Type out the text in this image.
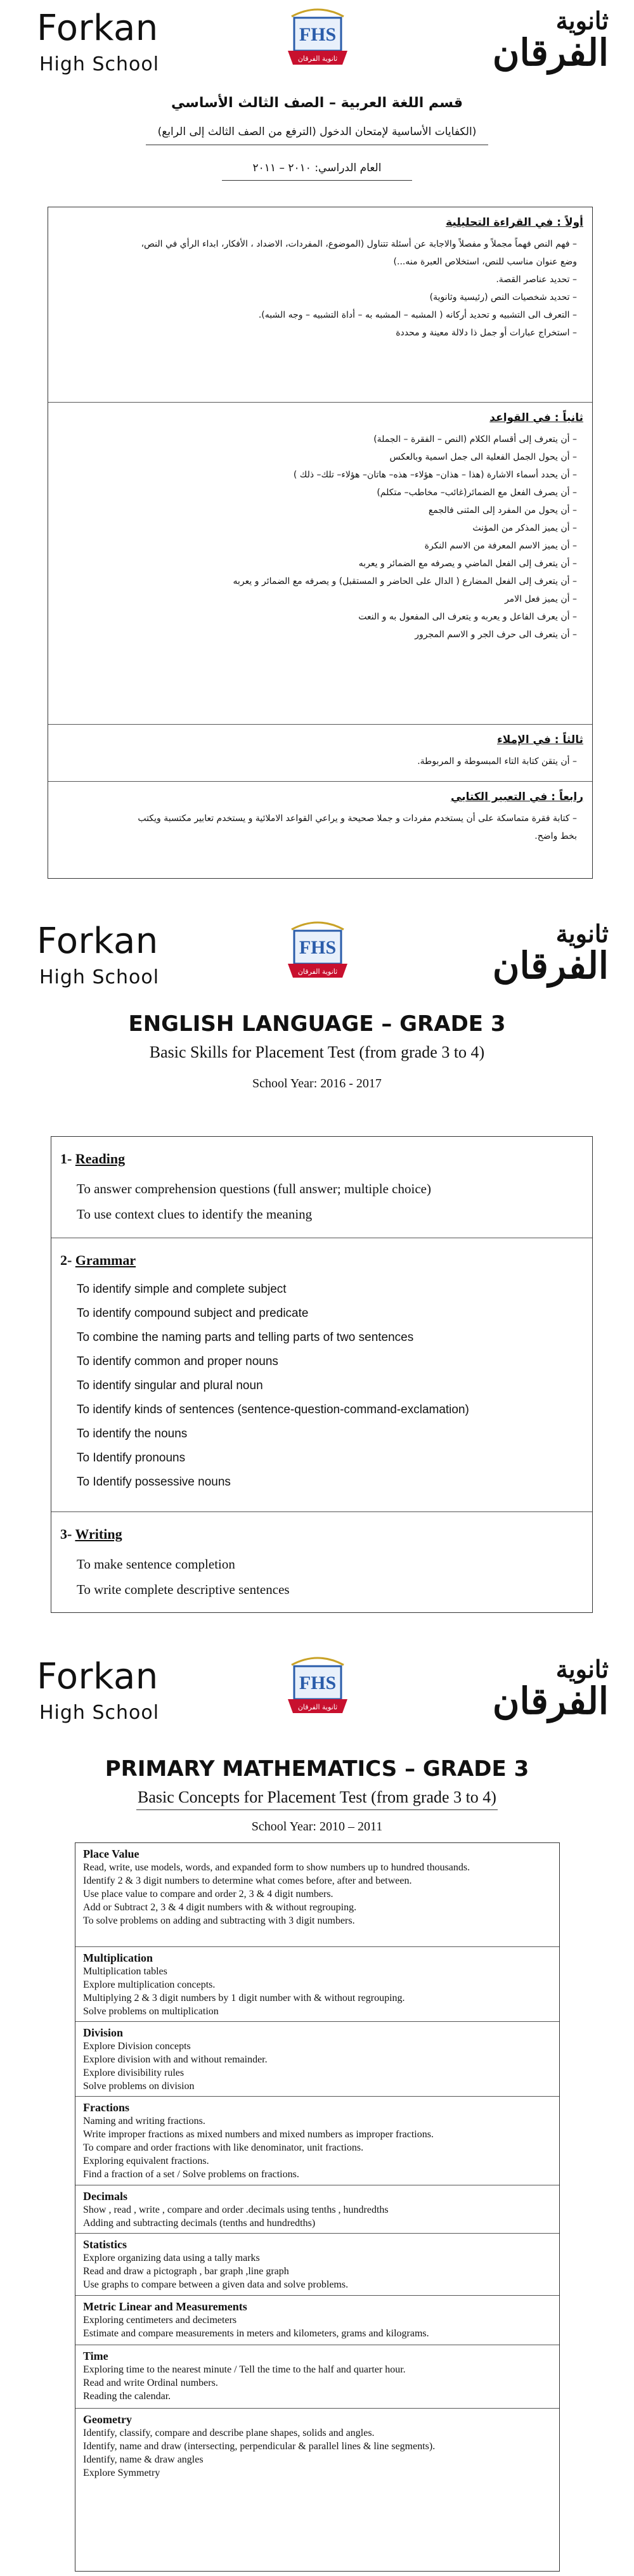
Forkan
High School
FHS
ثانوية الفرقان
ثانوية
الفرقان
قسم اللغة العربية – الصف الثالث الأساسي
(الكفايات الأساسية لإمتحان الدخول (الترفع من الصف الثالث إلى الرابع)
العام الدراسي: ٢٠١٠ – ٢٠١١
أولاً : في القراءة التحليلية
– فهم النص فهماً مجملاً و مفصلاً والاجابة عن أسئلة تتناول (الموضوع، المفردات، الاضداد ، الأفكار، ابداء الرأي في النص،
وضع عنوان مناسب للنص، استخلاص العبرة منه...)
– تحديد عناصر القصة.
– تحديد شخصيات النص (رئيسية وثانوية)
– التعرف الى التشبيه و تحديد أركانه ( المشبه – المشبه به – أداة التشبيه – وجه الشبه).
– استخراج عبارات أو جمل ذا دلالة معينة و محددة
ثانياً : في القواعد
– أن يتعرف إلى أقسام الكلام (النص – الفقرة – الجملة)
– أن يحول الجمل الفعلية الى جمل اسمية وبالعكس
– أن يحدد أسماء الاشارة (هذا – هذان– هؤلاء– هذه– هاتان– هؤلاء– تلك– ذلك )
– أن يصرف الفعل مع الضمائر(غائب– مخاطب– متكلم)
– أن يحول من المفرد إلى المثنى فالجمع
– أن يميز المذكر من المؤنث
– أن يميز الاسم المعرفة من الاسم النكرة
– أن يتعرف إلى الفعل الماضي و يصرفه مع الضمائر و يعربه
– أن يتعرف إلى الفعل المضارع ( الدال على الحاضر و المستقبل) و يصرفه مع الضمائر و يعربه
– أن يميز فعل الامر
– أن يعرف الفاعل و يعربه و يتعرف الى المفعول به و النعت
– أن يتعرف الى حرف الجر و الاسم المجرور
ثالثاً : في الإملاء
– أن يتقن كتابة التاء المبسوطة و المربوطة.
رابعاً : في التعبير الكتابي
– كتابة فقرة متماسكة على أن يستخدم مفردات و جملا صحيحة و يراعي القواعد الاملائية و يستخدم تعابير مكتسبة ويكتب
بخط واضح.
Forkan
High School
FHS
ثانوية الفرقان
ثانوية
الفرقان
ENGLISH LANGUAGE – GRADE 3
Basic Skills for Placement Test (from grade 3 to 4)
School Year: 2016 - 2017
1- Reading
To answer comprehension questions (full answer; multiple choice)
To use context clues to identify the meaning
2- Grammar
To identify simple and complete subject
To identify compound subject and predicate
To combine the naming parts and telling parts of two sentences
To identify common and proper nouns
To identify singular and plural noun
To identify kinds of sentences (sentence-question-command-exclamation)
To identify the nouns
To Identify pronouns
To Identify possessive nouns
3- Writing
To make sentence completion
To write complete descriptive sentences
Forkan
High School
FHS
ثانوية الفرقان
ثانوية
الفرقان
PRIMARY MATHEMATICS – GRADE 3
Basic Concepts for Placement Test (from grade 3 to 4)
School Year: 2010 – 2011
Place Value
Read, write, use models, words, and expanded form to show numbers up to hundred thousands.
Identify 2 & 3 digit numbers to determine what comes before, after and between.
Use place value to compare and order 2, 3 & 4 digit numbers.
Add or Subtract 2, 3 & 4 digit numbers with & without regrouping.
To solve problems on adding and subtracting with 3 digit numbers.
Multiplication
Multiplication tables
Explore multiplication concepts.
Multiplying 2 & 3 digit numbers by 1 digit number with & without regrouping.
Solve problems on multiplication
Division
Explore Division concepts
Explore division with and without remainder.
Explore divisibility rules
Solve problems on division
Fractions
Naming and writing fractions.
Write improper fractions as mixed numbers and mixed numbers as improper fractions.
To compare and order fractions with like denominator, unit fractions.
Exploring equivalent fractions.
Find a fraction of a set / Solve problems on fractions.
Decimals
Show , read , write , compare and order .decimals using tenths , hundredths
Adding and subtracting decimals (tenths and hundredths)
Statistics
Explore organizing data using a tally marks
Read and draw a pictograph , bar graph ,line graph
Use graphs to compare between a given data and solve problems.
Metric Linear and Measurements
Exploring centimeters and decimeters
Estimate and compare measurements in meters and kilometers, grams and kilograms.
Time
Exploring time to the nearest minute / Tell the time to the half and quarter hour.
Read and write Ordinal numbers.
Reading the calendar.
Geometry
Identify, classify, compare and describe plane shapes, solids and angles.
Identify, name and draw (intersecting, perpendicular & parallel lines & line segments).
Identify, name & draw angles
Explore Symmetry
